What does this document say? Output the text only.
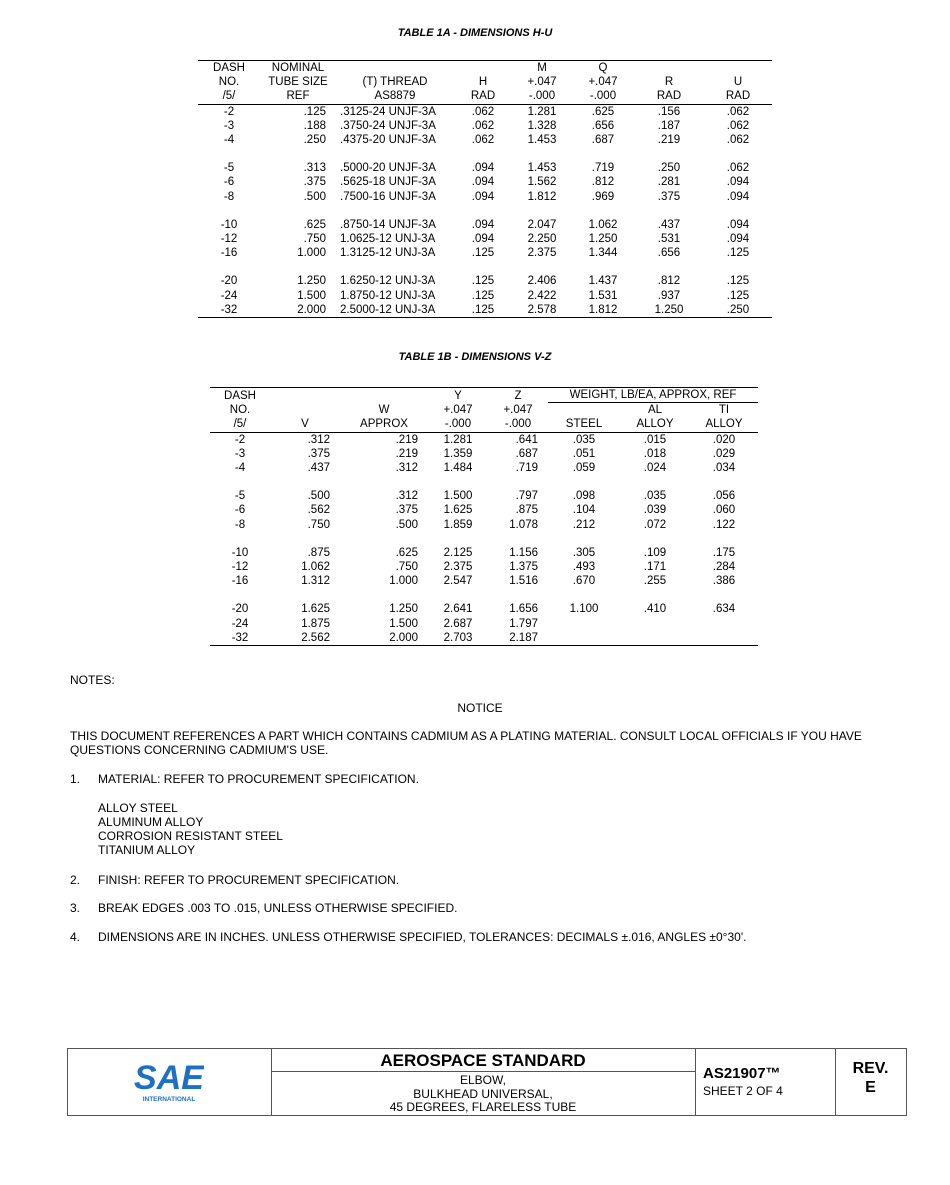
TABLE 1A - DIMENSIONS H-U
DASH	NOMINAL			M	Q		
NO.	TUBE SIZE	(T) THREAD	H	+.047	+.047	R	U
/5/	REF	AS8879	RAD	-.000	-.000	RAD	RAD
-2	.125	.3125-24 UNJF-3A	.062	1.281	.625	.156	.062
-3	.188	.3750-24 UNJF-3A	.062	1.328	.656	.187	.062
-4	.250	.4375-20 UNJF-3A	.062	1.453	.687	.219	.062

-5	.313	.5000-20 UNJF-3A	.094	1.453	.719	.250	.062
-6	.375	.5625-18 UNJF-3A	.094	1.562	.812	.281	.094
-8	.500	.7500-16 UNJF-3A	.094	1.812	.969	.375	.094

-10	.625	.8750-14 UNJF-3A	.094	2.047	1.062	.437	.094
-12	.750	1.0625-12 UNJ-3A	.094	2.250	1.250	.531	.094
-16	1.000	1.3125-12 UNJ-3A	.125	2.375	1.344	.656	.125

-20	1.250	1.6250-12 UNJ-3A	.125	2.406	1.437	.812	.125
-24	1.500	1.8750-12 UNJ-3A	.125	2.422	1.531	.937	.125
-32	2.000	2.5000-12 UNJ-3A	.125	2.578	1.812	1.250	.250
TABLE 1B - DIMENSIONS V-Z
DASH			Y	Z	WEIGHT, LB/EA, APPROX, REF		
NO.		W	+.047	+.047		AL	TI
/5/	V	APPROX	-.000	-.000	STEEL	ALLOY	ALLOY
-2	.312	.219	1.281	.641	.035	.015	.020
-3	.375	.219	1.359	.687	.051	.018	.029
-4	.437	.312	1.484	.719	.059	.024	.034

-5	.500	.312	1.500	.797	.098	.035	.056
-6	.562	.375	1.625	.875	.104	.039	.060
-8	.750	.500	1.859	1.078	.212	.072	.122

-10	.875	.625	2.125	1.156	.305	.109	.175
-12	1.062	.750	2.375	1.375	.493	.171	.284
-16	1.312	1.000	2.547	1.516	.670	.255	.386

-20	1.625	1.250	2.641	1.656	1.100	.410	.634
-24	1.875	1.500	2.687	1.797			
-32	2.562	2.000	2.703	2.187			
NOTES:
NOTICE
THIS DOCUMENT REFERENCES A PART WHICH CONTAINS CADMIUM AS A PLATING MATERIAL. CONSULT LOCAL OFFICIALS IF YOU HAVE QUESTIONS CONCERNING CADMIUM'S USE.
1. MATERIAL: REFER TO PROCUREMENT SPECIFICATION.
ALLOY STEEL
ALUMINUM ALLOY
CORROSION RESISTANT STEEL
TITANIUM ALLOY
2. FINISH: REFER TO PROCUREMENT SPECIFICATION.
3. BREAK EDGES .003 TO .015, UNLESS OTHERWISE SPECIFIED.
4. DIMENSIONS ARE IN INCHES. UNLESS OTHERWISE SPECIFIED, TOLERANCES: DECIMALS ±.016, ANGLES ±0°30'.
SAE
INTERNATIONAL
AEROSPACE STANDARD
ELBOW,
BULKHEAD UNIVERSAL,
45 DEGREES, FLARELESS TUBE
AS21907™
SHEET 2 OF 4
REV.
E
